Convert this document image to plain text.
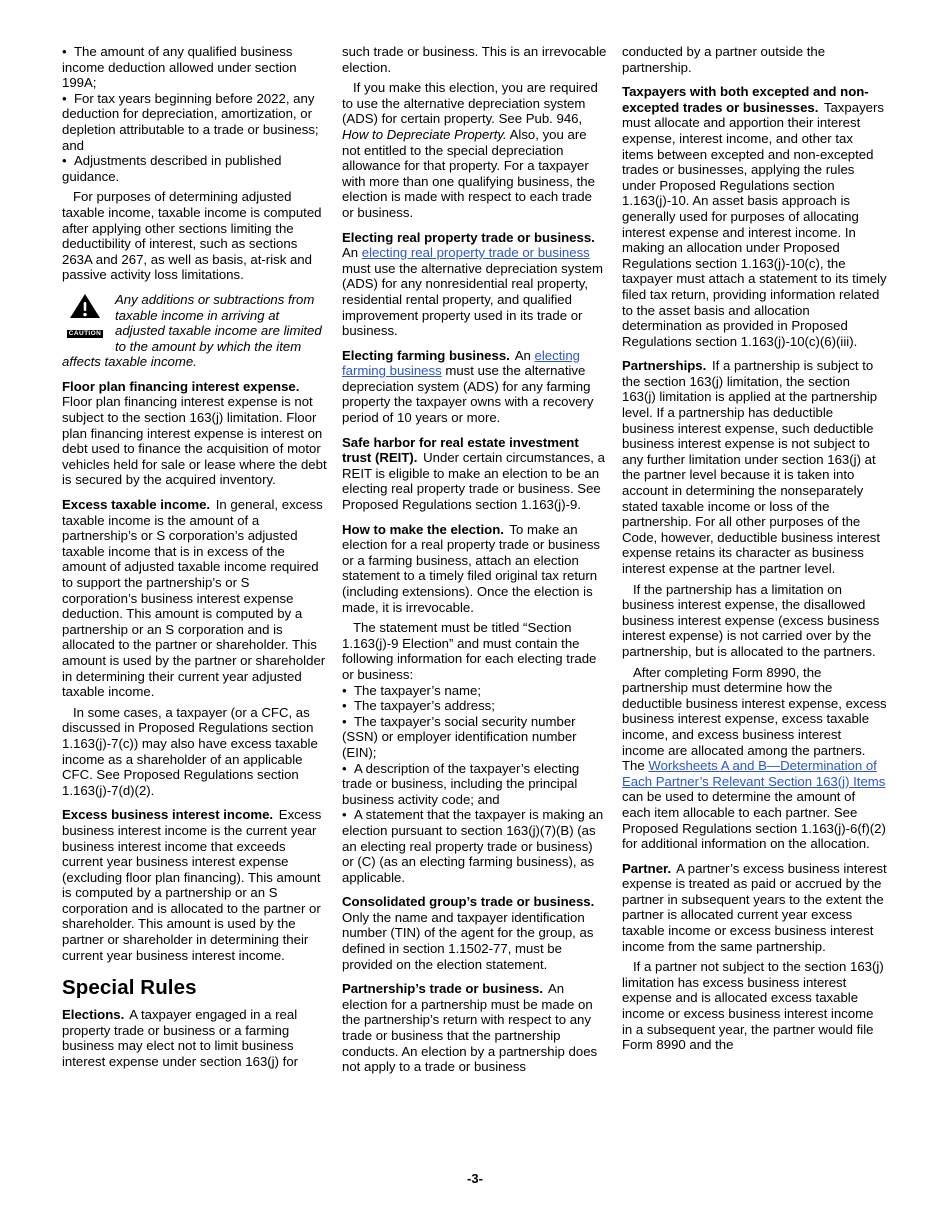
•  The amount of any qualified business income deduction allowed under section 199A;

•  For tax years beginning before 2022, any deduction for depreciation, amortization, or depletion attributable to a trade or business; and

•  Adjustments described in published guidance.

For purposes of determining adjusted taxable income, taxable income is computed after applying other sections limiting the deductibility of interest, such as sections 263A and 267, as well as basis, at-risk and passive activity loss limitations.

CAUTION
Any additions or subtractions from taxable income in arriving at adjusted taxable income are limited to the amount by which the item affects taxable income.

Floor plan financing interest expense. Floor plan financing interest expense is not subject to the section 163(j) limitation. Floor plan financing interest expense is interest on debt used to finance the acquisition of motor vehicles held for sale or lease where the debt is secured by the acquired inventory.

Excess taxable income. In general, excess taxable income is the amount of a partnership’s or S corporation’s adjusted taxable income that is in excess of the amount of adjusted taxable income required to support the partnership’s or S corporation’s business interest expense deduction. This amount is computed by a partnership or an S corporation and is allocated to the partner or shareholder. This amount is used by the partner or shareholder in determining their current year adjusted taxable income.

In some cases, a taxpayer (or a CFC, as discussed in Proposed Regulations section 1.163(j)-7(c)) may also have excess taxable income as a shareholder of an applicable CFC. See Proposed Regulations section 1.163(j)-7(d)(2).

Excess business interest income. Excess business interest income is the current year business interest income that exceeds current year business interest expense (excluding floor plan financing). This amount is computed by a partnership or an S corporation and is allocated to the partner or shareholder. This amount is used by the partner or shareholder in determining their current year business interest income.

Special Rules

Elections. A taxpayer engaged in a real property trade or business or a farming business may elect not to limit business interest expense under section 163(j) for

such trade or business. This is an irrevocable election.

If you make this election, you are required to use the alternative depreciation system (ADS) for certain property. See Pub. 946, How to Depreciate Property. Also, you are not entitled to the special depreciation allowance for that property. For a taxpayer with more than one qualifying business, the election is made with respect to each trade or business.

Electing real property trade or business. An electing real property trade or business must use the alternative depreciation system (ADS) for any nonresidential real property, residential rental property, and qualified improvement property used in its trade or business.

Electing farming business. An electing farming business must use the alternative depreciation system (ADS) for any farming property the taxpayer owns with a recovery period of 10 years or more.

Safe harbor for real estate investment trust (REIT). Under certain circumstances, a REIT is eligible to make an election to be an electing real property trade or business. See Proposed Regulations section 1.163(j)-9.

How to make the election. To make an election for a real property trade or business or a farming business, attach an election statement to a timely filed original tax return (including extensions). Once the election is made, it is irrevocable.

The statement must be titled “Section 1.163(j)-9 Election” and must contain the following information for each electing trade or business:

•  The taxpayer’s name;

•  The taxpayer’s address;

•  The taxpayer’s social security number (SSN) or employer identification number (EIN);

•  A description of the taxpayer’s electing trade or business, including the principal business activity code; and

•  A statement that the taxpayer is making an election pursuant to section 163(j)(7)(B) (as an electing real property trade or business) or (C) (as an electing farming business), as applicable.

Consolidated group’s trade or business. Only the name and taxpayer identification number (TIN) of the agent for the group, as defined in section 1.1502-77, must be provided on the election statement.

Partnership’s trade or business. An election for a partnership must be made on the partnership’s return with respect to any trade or business that the partnership conducts. An election by a partnership does not apply to a trade or business

conducted by a partner outside the partnership.

Taxpayers with both excepted and non-excepted trades or businesses. Taxpayers must allocate and apportion their interest expense, interest income, and other tax items between excepted and non-excepted trades or businesses, applying the rules under Proposed Regulations section 1.163(j)-10. An asset basis approach is generally used for purposes of allocating interest expense and interest income. In making an allocation under Proposed Regulations section 1.163(j)-10(c), the taxpayer must attach a statement to its timely filed tax return, providing information related to the asset basis and allocation determination as provided in Proposed Regulations section 1.163(j)-10(c)(6)(iii).

Partnerships. If a partnership is subject to the section 163(j) limitation, the section 163(j) limitation is applied at the partnership level. If a partnership has deductible business interest expense, such deductible business interest expense is not subject to any further limitation under section 163(j) at the partner level because it is taken into account in determining the nonseparately stated taxable income or loss of the partnership. For all other purposes of the Code, however, deductible business interest expense retains its character as business interest expense at the partner level.

If the partnership has a limitation on business interest expense, the disallowed business interest expense (excess business interest expense) is not carried over by the partnership, but is allocated to the partners.

After completing Form 8990, the partnership must determine how the deductible business interest expense, excess business interest expense, excess taxable income, and excess business interest income are allocated among the partners. The Worksheets A and B—Determination of Each Partner’s Relevant Section 163(j) Items can be used to determine the amount of each item allocable to each partner. See Proposed Regulations section 1.163(j)-6(f)(2) for additional information on the allocation.

Partner. A partner’s excess business interest expense is treated as paid or accrued by the partner in subsequent years to the extent the partner is allocated current year excess taxable income or excess business interest income from the same partnership.

If a partner not subject to the section 163(j) limitation has excess business interest expense and is allocated excess taxable income or excess business interest income in a subsequent year, the partner would file Form 8990 and the

-3-
